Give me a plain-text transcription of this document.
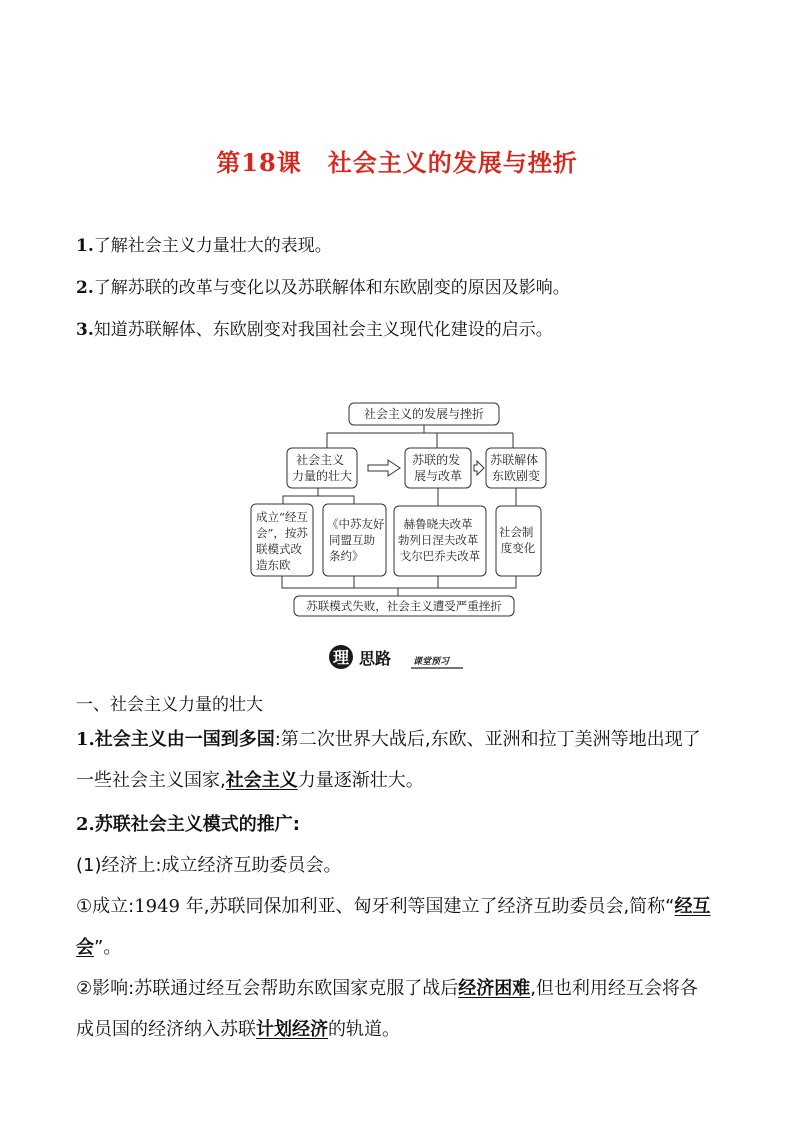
第18课 社会主义的发展与挫折
1.了解社会主义力量壮大的表现。
2.了解苏联的改革与变化以及苏联解体和东欧剧变的原因及影响。
3.知道苏联解体、东欧剧变对我国社会主义现代化建设的启示。
社会主义的发展与挫折
社会主义 力量的壮大
苏联的发 展与改革
苏联解体 东欧剧变
成立“经互 会”，按苏 联模式改 造东欧
《中苏友好 同盟互助 条约》
赫鲁晓夫改革 勃列日涅夫改革 戈尔巴乔夫改革
社会制 度变化
苏联模式失败，社会主义遭受严重挫折
理 思路 课堂预习
一、社会主义力量的壮大
1.社会主义由一国到多国:第二次世界大战后,东欧、亚洲和拉丁美洲等地出现了
一些社会主义国家,社会主义力量逐渐壮大。
2.苏联社会主义模式的推广:
(1)经济上:成立经济互助委员会。
①成立:1949 年,苏联同保加利亚、匈牙利等国建立了经济互助委员会,简称“经互
会”。
②影响:苏联通过经互会帮助东欧国家克服了战后经济困难,但也利用经互会将各
成员国的经济纳入苏联计划经济的轨道。
